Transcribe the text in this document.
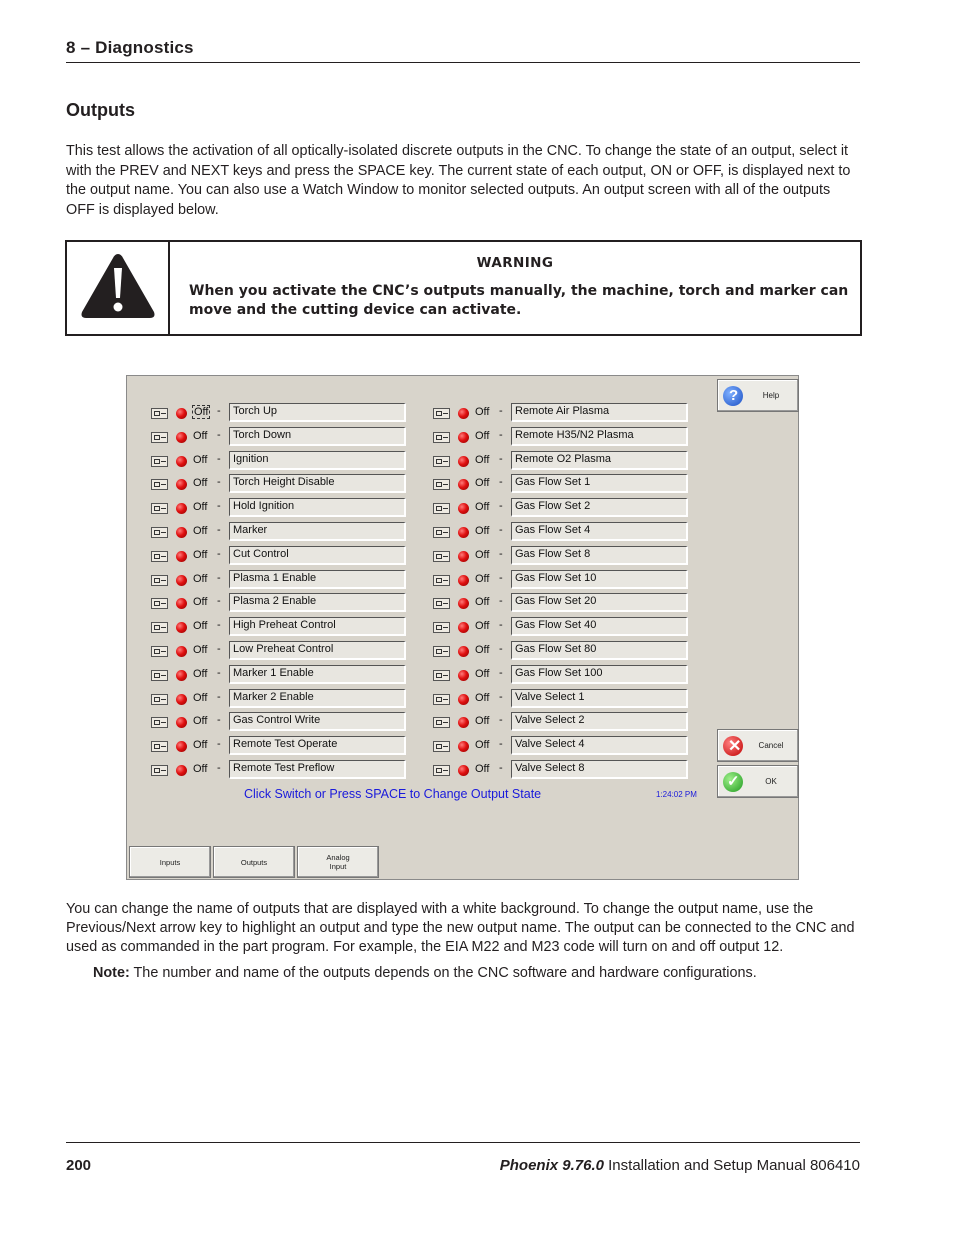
8 – Diagnostics
Outputs
This test allows the activation of all optically-isolated discrete outputs in the CNC. To change the state of an output, select it with the PREV and NEXT keys and press the SPACE key. The current state of each output, ON or OFF, is displayed next to the output name. You can also use a Watch Window to monitor selected outputs. An output screen with all of the outputs OFF is displayed below.
WARNING
When you activate the CNC’s outputs manually, the machine, torch and marker can move and the cutting device can activate.
Off -	Torch Up
Off -	Torch Down
Off -	Ignition
Off -	Torch Height Disable
Off -	Hold Ignition
Off -	Marker
Off -	Cut Control
Off -	Plasma 1 Enable
Off -	Plasma 2 Enable
Off -	High Preheat Control
Off -	Low Preheat Control
Off -	Marker 1 Enable
Off -	Marker 2 Enable
Off -	Gas Control Write
Off -	Remote Test Operate
Off -	Remote Test Preflow
Off -	Remote Air Plasma
Off -	Remote H35/N2 Plasma
Off -	Remote O2 Plasma
Off -	Gas Flow Set 1
Off -	Gas Flow Set 2
Off -	Gas Flow Set 4
Off -	Gas Flow Set 8
Off -	Gas Flow Set 10
Off -	Gas Flow Set 20
Off -	Gas Flow Set 40
Off -	Gas Flow Set 80
Off -	Gas Flow Set 100
Off -	Valve Select 1
Off -	Valve Select 2
Off -	Valve Select 4
Off -	Valve Select 8
?	Help
✕	Cancel
✓	OK
Click Switch or Press SPACE to Change Output State	1:24:02 PM
Inputs	Outputs	Analog
Input
You can change the name of outputs that are displayed with a white background. To change the output name, use the Previous/Next arrow key to highlight an output and type the new output name. The output can be connected to the CNC and used as commanded in the part program. For example, the EIA M22 and M23 code will turn on and off output 12.
Note: The number and name of the outputs depends on the CNC software and hardware configurations.
200	Phoenix 9.76.0 Installation and Setup Manual 806410
